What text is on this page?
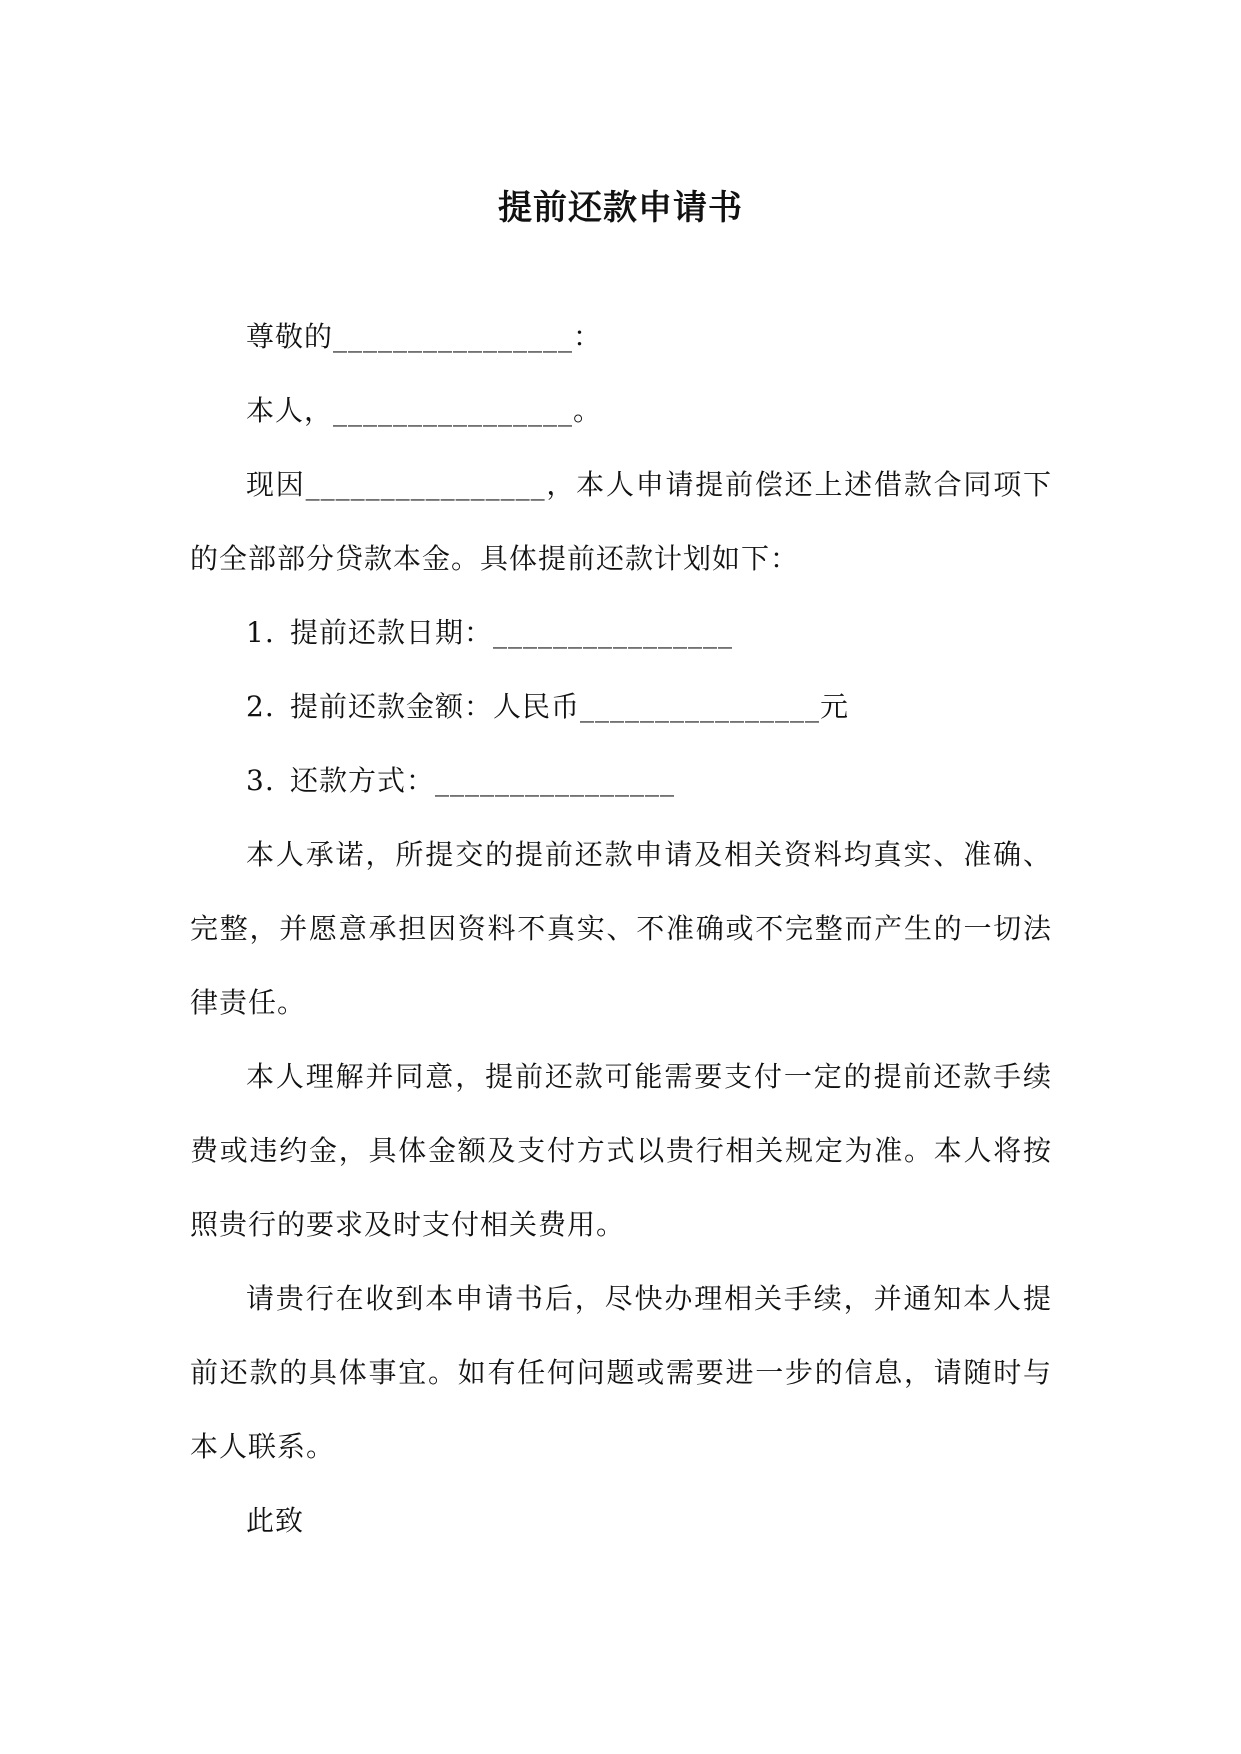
提前还款申请书

尊敬的________________：

本人，________________。

现因________________，本人申请提前偿还上述借款合同项下的全部部分贷款本金。具体提前还款计划如下：

1. 提前还款日期：________________

2. 提前还款金额：人民币________________元

3. 还款方式：________________

本人承诺，所提交的提前还款申请及相关资料均真实、准确、完整，并愿意承担因资料不真实、不准确或不完整而产生的一切法律责任。

本人理解并同意，提前还款可能需要支付一定的提前还款手续费或违约金，具体金额及支付方式以贵行相关规定为准。本人将按照贵行的要求及时支付相关费用。

请贵行在收到本申请书后，尽快办理相关手续，并通知本人提前还款的具体事宜。如有任何问题或需要进一步的信息，请随时与本人联系。

此致
